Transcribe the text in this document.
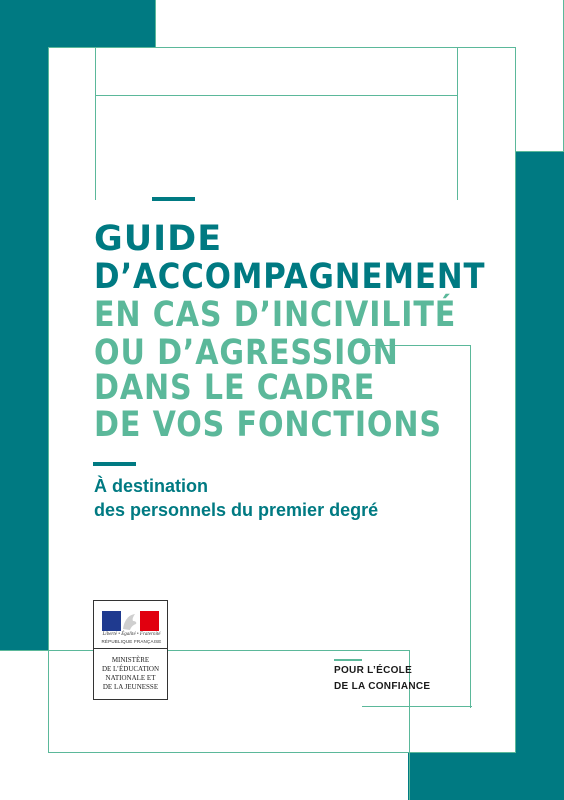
GUIDE
D’ACCOMPAGNEMENT
EN CAS D’INCIVILITÉ
OU D’AGRESSION
DANS LE CADRE
DE VOS FONCTIONS
À destination
des personnels du premier degré
Liberté • Égalité • Fraternité
RÉPUBLIQUE FRANÇAISE
MINISTÈRE
DE L’ÉDUCATION
NATIONALE ET
DE LA JEUNESSE
POUR L’ÉCOLE
DE LA CONFIANCE
